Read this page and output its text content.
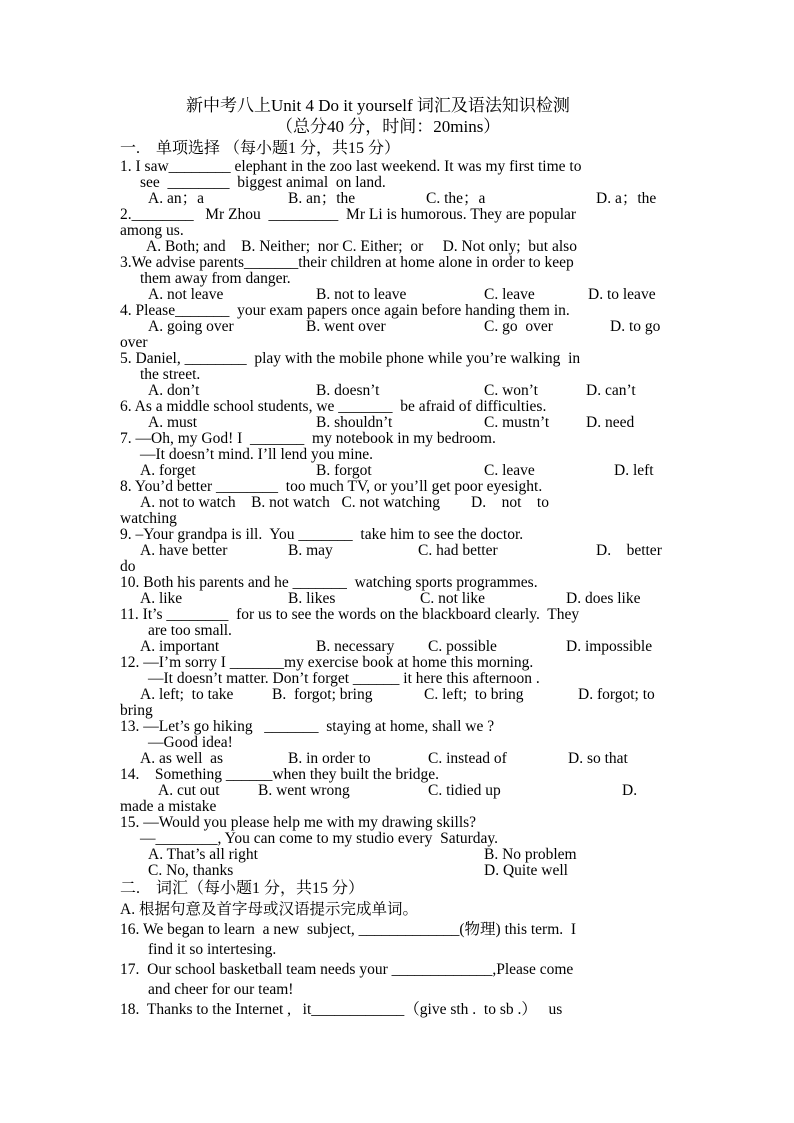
新中考八上Unit 4 Do it yourself 词汇及语法知识检测
（总分40 分，时间：20mins）
一.    单项选择 （每小题1 分，共15 分）
1. I saw________ elephant in the zoo last weekend. It was my first time to
see  ________  biggest animal  on land.
A. an；a	B. an；the	C. the；a	D. a；the
2.________   Mr Zhou  _________  Mr Li is humorous. They are popular
among us.
A. Both; and    B. Neither;  nor C. Either;  or     D. Not only;  but also
3.We advise parents_______their children at home alone in order to keep
them away from danger.
A. not leave	B. not to leave	C. leave	D. to leave
4. Please_______  your exam papers once again before handing them in.
A. going over	B. went over	C. go  over	D. to go
over
5. Daniel, ________  play with the mobile phone while you’re walking  in
the street.
A. don’t	B. doesn’t	C. won’t	D. can’t
6. As a middle school students, we _______  be afraid of difficulties.
A. must	B. shouldn’t	C. mustn’t D. need
7. —Oh, my God! I  _______  my notebook in my bedroom.
—It doesn’t mind. I’ll lend you mine.
A. forget	B. forgot	C. leave	D. left
8. You’d better ________  too much TV, or you’ll get poor eyesight.
A. not to watch    B. not watch   C. not watching        D.    not    to
watching
9. –Your grandpa is ill.  You _______  take him to see the doctor.
A. have better	B. may	C. had better	D.    better
do
10. Both his parents and he _______  watching sports programmes.
A. like	B. likes	C. not like	D. does like
11. It’s ________  for us to see the words on the blackboard clearly.  They
are too small.
A. important	B. necessary C. possible	D. impossible
12. —I’m sorry I _______my exercise book at home this morning.
—It doesn’t matter. Don’t forget ______ it here this afternoon .
A. left;  to take B.  forgot; bring	C. left;  to bring	D. forgot; to
bring
13. —Let’s go hiking   _______  staying at home, shall we ?
—Good idea!
A. as well  as	B. in order to	C. instead of	D. so that
14.    Something ______when they built the bridge.
A. cut out B. went wrong	C. tidied up	D.
made a mistake
15. —Would you please help me with my drawing skills?
—________, You can come to my studio every  Saturday.
A. That’s all right	B. No problem
C. No, thanks	D. Quite well
二.    词汇（每小题1 分，共15 分）
A. 根据句意及首字母或汉语提示完成单词。
16. We began to learn  a new  subject, _____________(物理) this term.  I
find it so intertesing.
17.  Our school basketball team needs your _____________,Please come
and cheer for our team!
18.  Thanks to the Internet ,   it____________（give sth .  to sb .）   us
